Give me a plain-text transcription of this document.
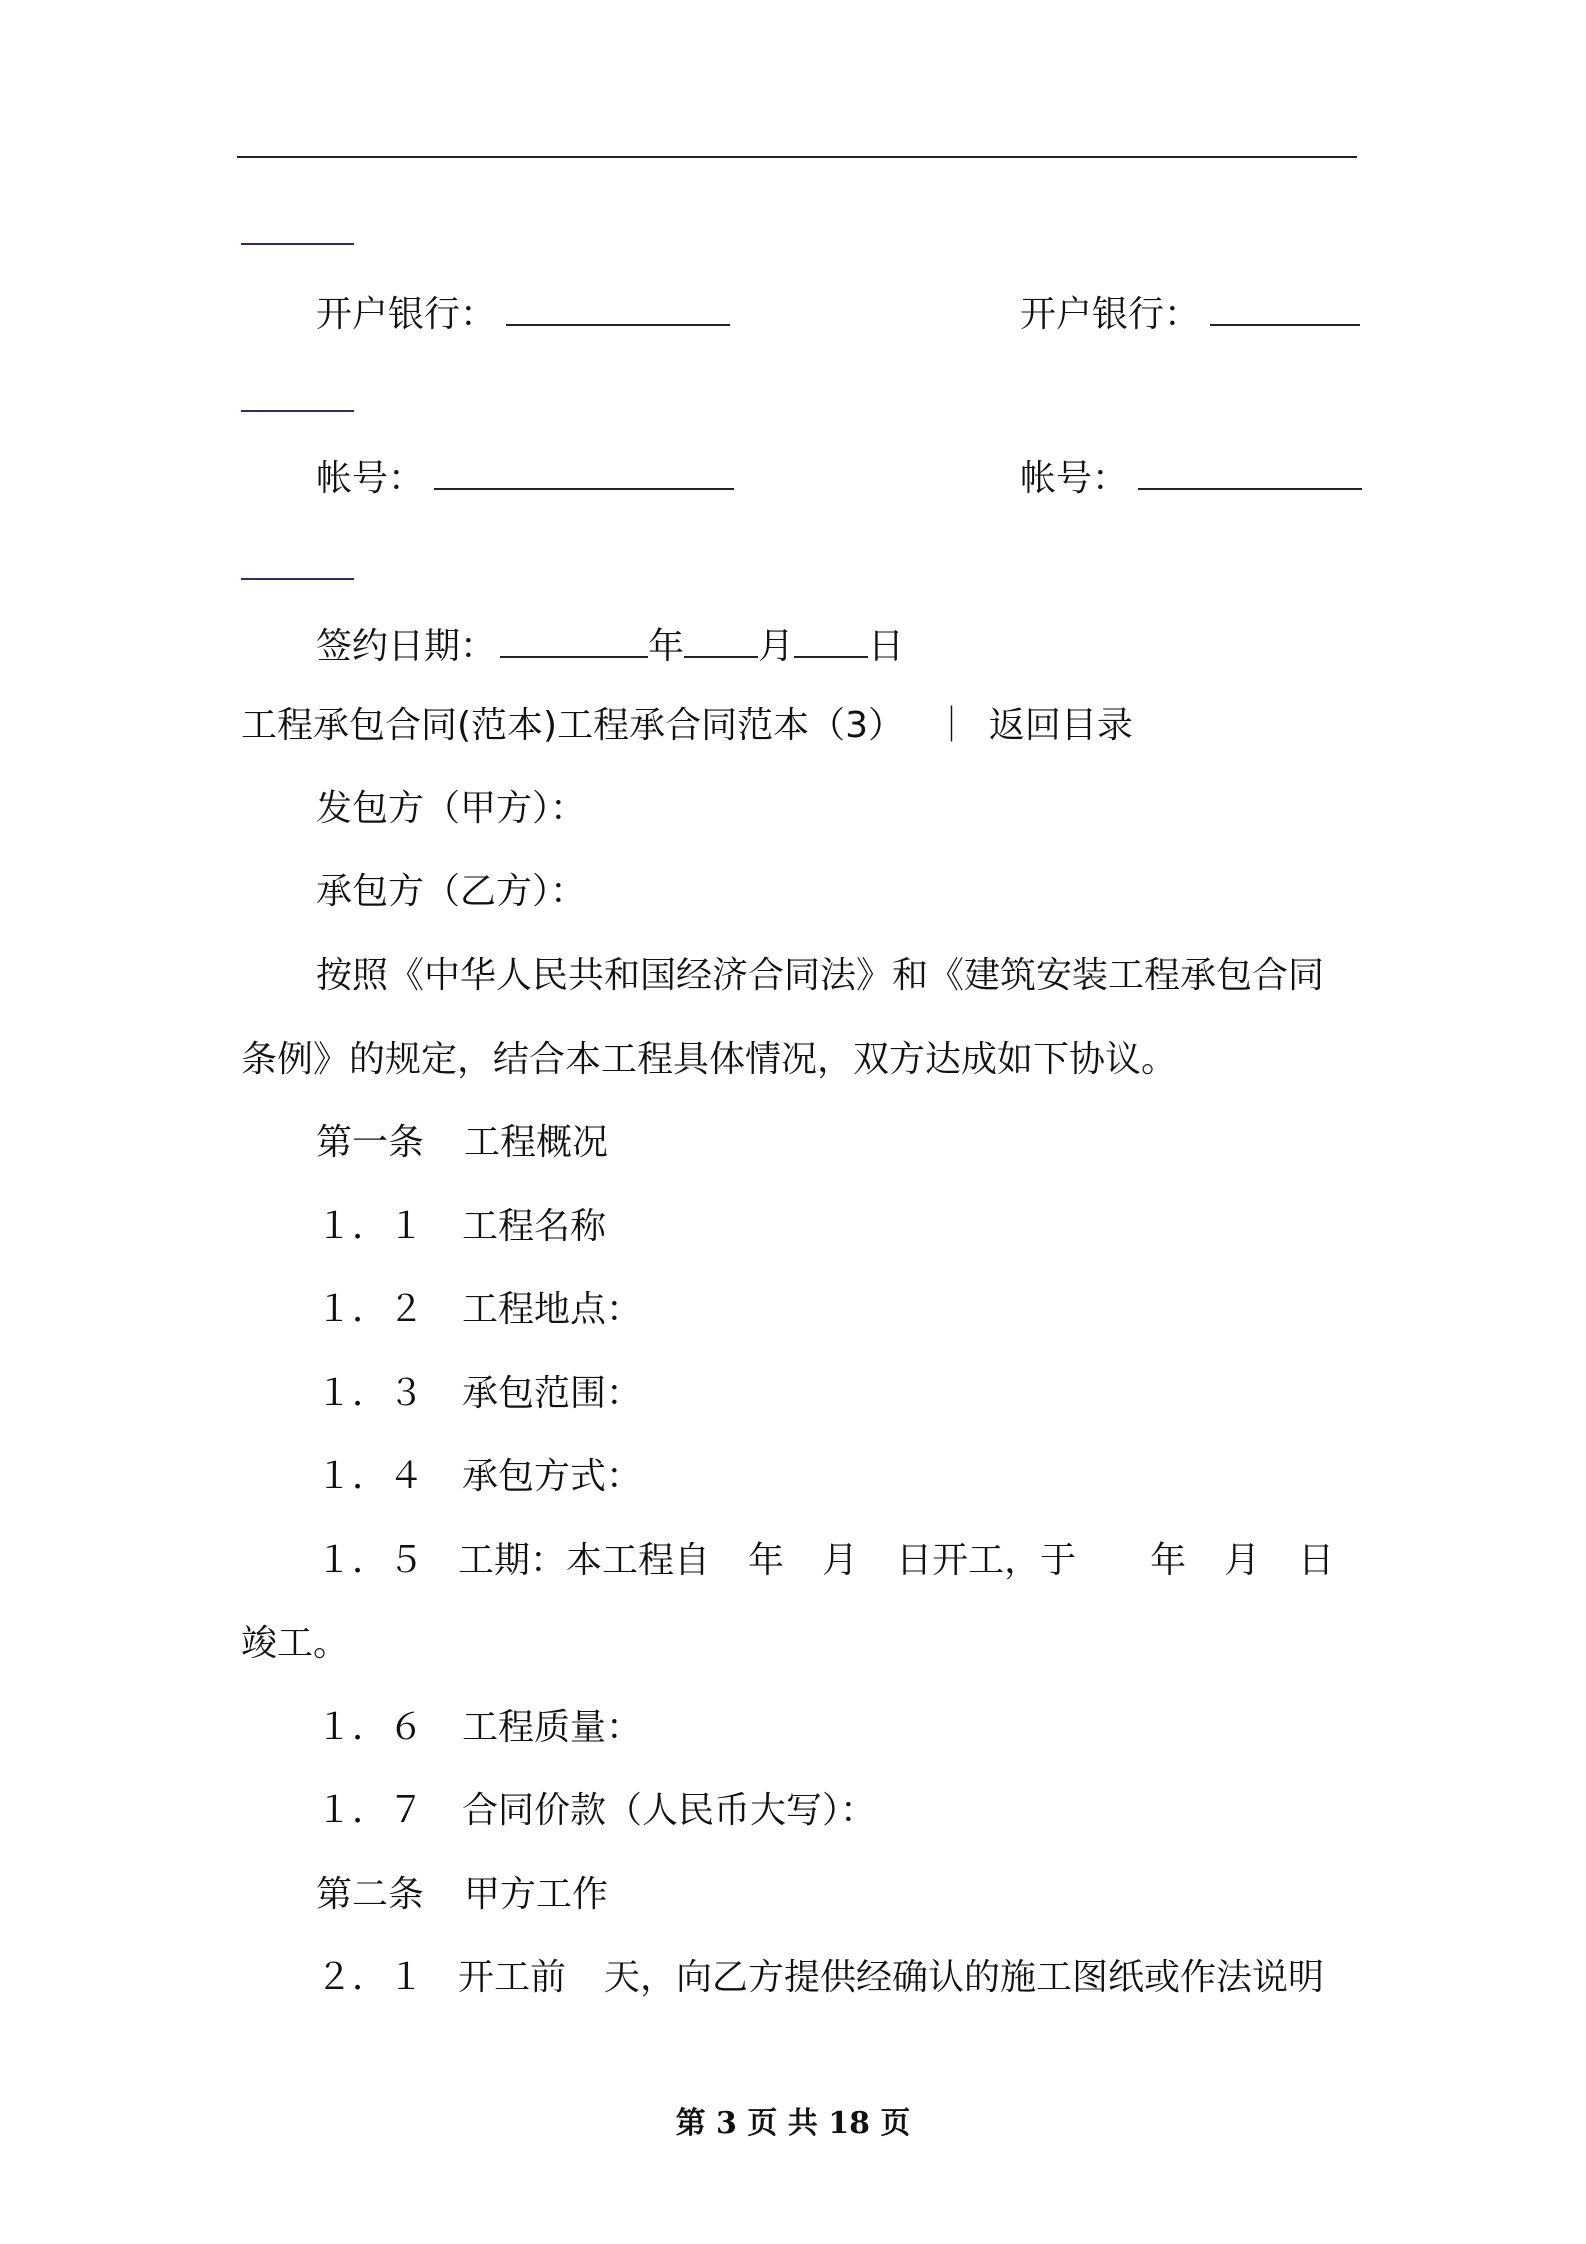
开户银行：	开户银行：
帐号：	帐号：
签约日期：	年 月 日
工程承包合同(范本)工程承合同范本（3） ｜ 返回目录
发包方（甲方）：
承包方（乙方）：
按照《中华人民共和国经济合同法》和《建筑安装工程承包合同
条例》的规定，结合本工程具体情况，双方达成如下协议。
第一条 工程概况
１．１ 工程名称
１．２ 工程地点：
１．３ 承包范围：
１．４ 承包方式：
１．５ 工期：本工程自 年 月 日开工，于 年 月 日
竣工。
１．６ 工程质量：
１．７ 合同价款（人民币大写）：
第二条 甲方工作
２．１ 开工前 天，向乙方提供经确认的施工图纸或作法说明
第 3 页 共 18 页
